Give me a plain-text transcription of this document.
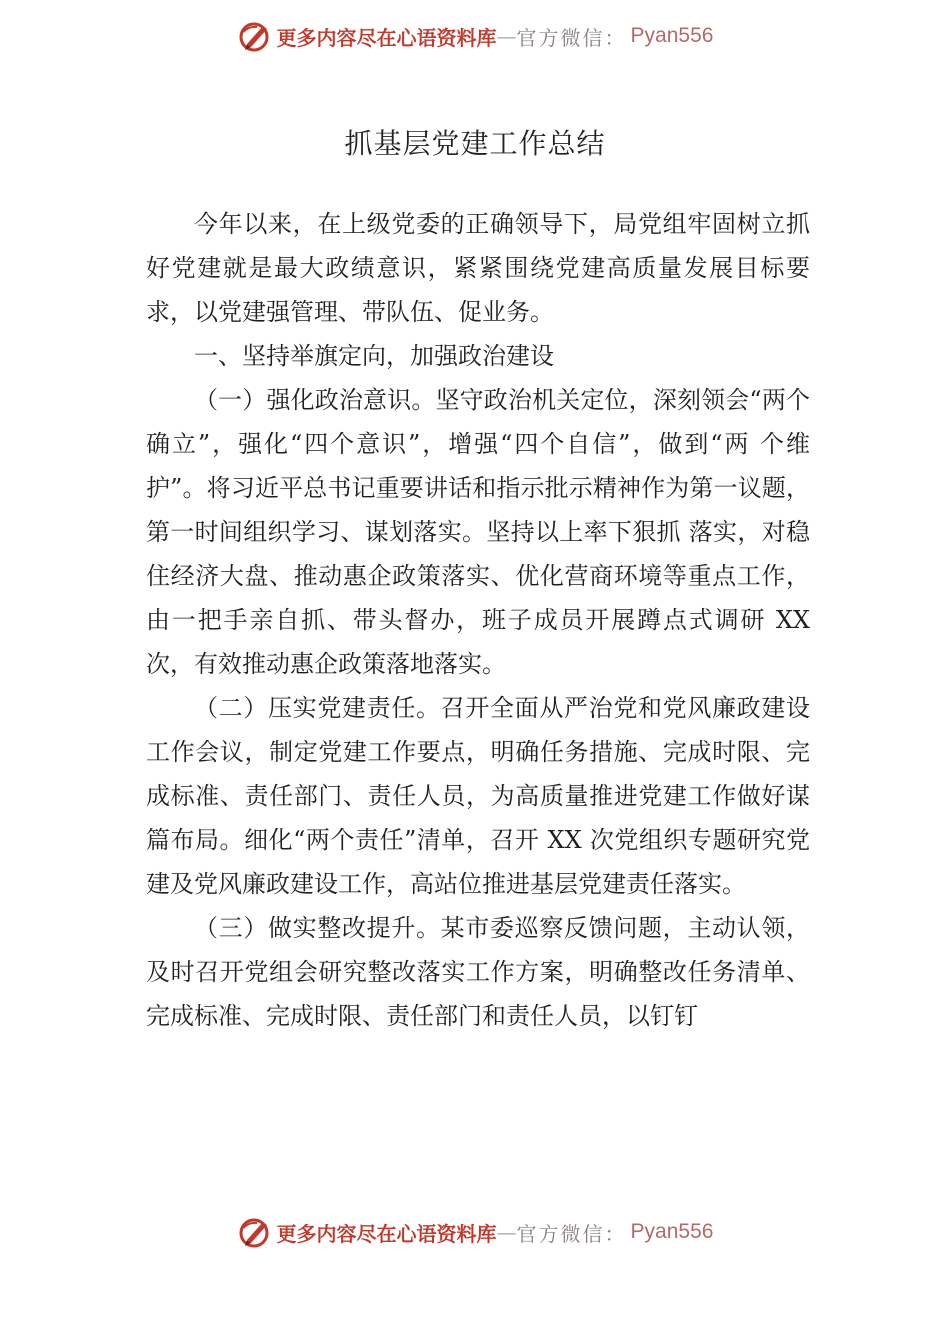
更多内容尽在心语资料库 — 官方微信： Pyan556
抓基层党建工作总结

今年以来，在上级党委的正确领导下，局党组牢固树立抓好党建就是最大政绩意识，紧紧围绕党建高质量发展目标要求，以党建强管理、带队伍、促业务。

一、坚持举旗定向，加强政治建设

（一）强化政治意识。坚守政治机关定位，深刻领会“两个确立”，强化“四个意识”，增强“四个自信”，做到“两 个维护”。将习近平总书记重要讲话和指示批示精神作为第一议题，第一时间组织学习、谋划落实。坚持以上率下狠抓 落实，对稳住经济大盘、推动惠企政策落实、优化营商环境等重点工作，由一把手亲自抓、带头督办，班子成员开展蹲点式调研 XX 次，有效推动惠企政策落地落实。

（二）压实党建责任。召开全面从严治党和党风廉政建设工作会议，制定党建工作要点，明确任务措施、完成时限、完成标准、责任部门、责任人员，为高质量推进党建工作做好谋篇布局。细化“两个责任”清单，召开 XX 次党组织专题研究党建及党风廉政建设工作，高站位推进基层党建责任落实。

（三）做实整改提升。某市委巡察反馈问题，主动认领，及时召开党组会研究整改落实工作方案，明确整改任务清单、完成标准、完成时限、责任部门和责任人员，以钉钉

更多内容尽在心语资料库 — 官方微信： Pyan556
